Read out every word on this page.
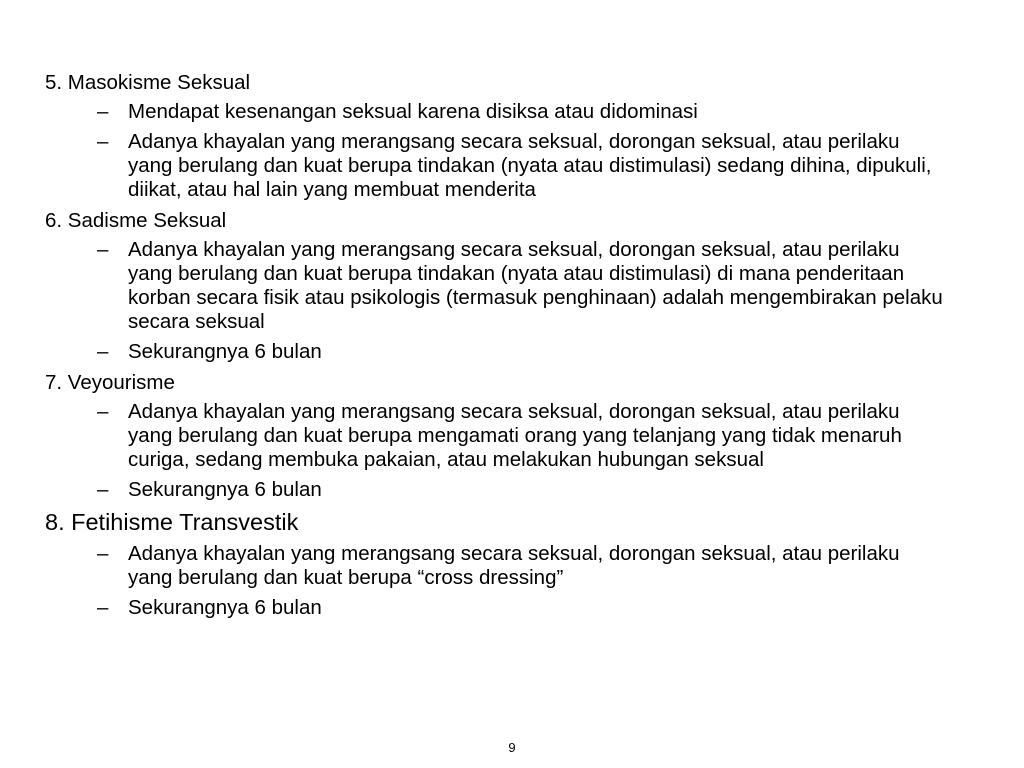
5. Masokisme Seksual
– Mendapat kesenangan seksual karena disiksa atau didominasi
– Adanya khayalan yang merangsang secara seksual, dorongan seksual, atau perilaku yang berulang dan kuat berupa tindakan (nyata atau distimulasi) sedang dihina, dipukuli, diikat, atau hal lain yang membuat menderita
6. Sadisme Seksual
– Adanya khayalan yang merangsang secara seksual, dorongan seksual, atau perilaku yang berulang dan kuat berupa tindakan (nyata atau distimulasi) di mana penderitaan korban secara fisik atau psikologis (termasuk penghinaan) adalah mengembirakan pelaku secara seksual
– Sekurangnya 6 bulan
7. Veyourisme
– Adanya khayalan yang merangsang secara seksual, dorongan seksual, atau perilaku yang berulang dan kuat berupa mengamati orang yang telanjang yang tidak menaruh curiga, sedang membuka pakaian, atau melakukan hubungan seksual
– Sekurangnya 6 bulan
8. Fetihisme Transvestik
– Adanya khayalan yang merangsang secara seksual, dorongan seksual, atau perilaku yang berulang dan kuat berupa “cross dressing”
– Sekurangnya 6 bulan
9
